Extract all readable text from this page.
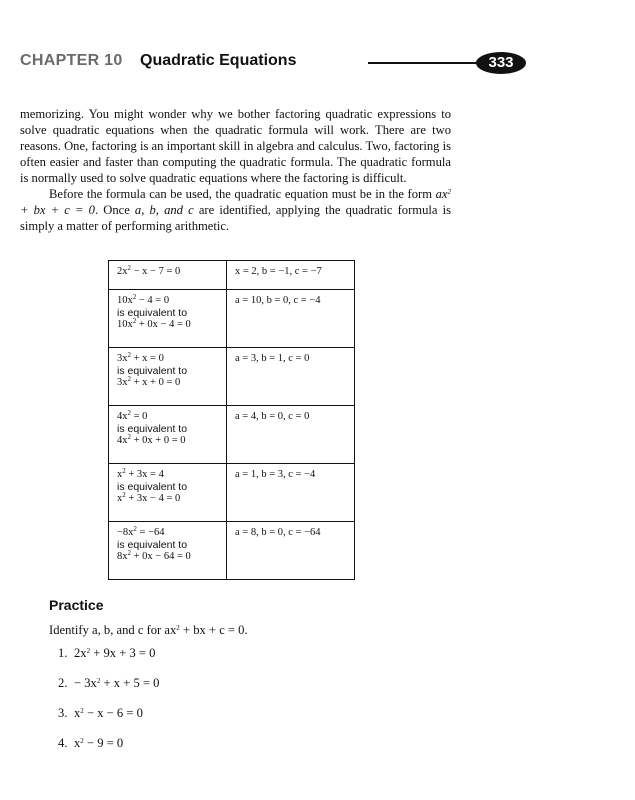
CHAPTER 10 Quadratic Equations	333

memorizing. You might wonder why we bother factoring quadratic expressions to solve quadratic equations when the quadratic formula will work. There are two reasons. One, factoring is an important skill in algebra and calculus. Two, factoring is often easier and faster than computing the quadratic formula. The quadratic formula is normally used to solve quadratic equations where the factoring is difficult.

Before the formula can be used, the quadratic equation must be in the form $ax^2$ + bx + c = 0. Once a, b, and c are identified, applying the quadratic formula is simply a matter of performing arithmetic.

$2x^2 - x - 7 = 0$	x = 2, b = −1, c = −7

$10x^2 - 4 = 0$
is equivalent to
$10x^2 + 0x - 4 = 0$	a = 10, b = 0, c = −4

$3x^2 + x = 0$
is equivalent to
$3x^2 + x + 0 = 0$	a = 3, b = 1, c = 0

$4x^2 = 0$
is equivalent to
$4x^2 + 0x + 0 = 0$	a = 4, b = 0, c = 0

$x^2 + 3x = 4$
is equivalent to
$x^2 + 3x - 4 = 0$	a = 1, b = 3, c = −4

$-8x^2 = -64$
is equivalent to
$8x^2 + 0x - 64 = 0$	a = 8, b = 0, c = −64
Practice
Identify a, b, and c for $ax^2$ + bx + c = 0.
1. $2x^2 + 9x + 3 = 0$
2. − $3x^2 + x + 5 = 0$
3. $x^2 - x - 6 = 0$
4. $x^2 - 9 = 0$
